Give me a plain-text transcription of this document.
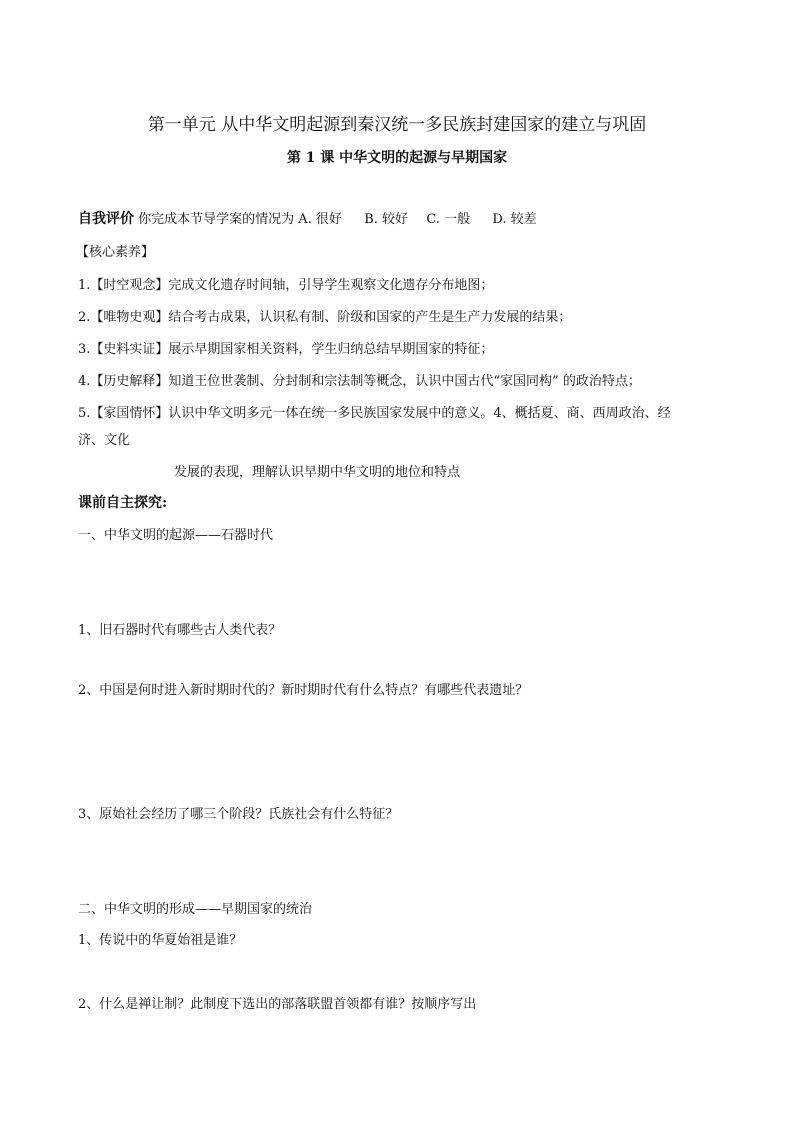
第一单元 从中华文明起源到秦汉统一多民族封建国家的建立与巩固
第 1 课 中华文明的起源与早期国家
自我评价 你完成本节导学案的情况为 A. 很好 B. 较好 C. 一般 D. 较差
【核心素养】
1.【时空观念】完成文化遗存时间轴，引导学生观察文化遗存分布地图；
2.【唯物史观】结合考古成果，认识私有制、阶级和国家的产生是生产力发展的结果；
3.【史料实证】展示早期国家相关资料，学生归纳总结早期国家的特征；
4.【历史解释】知道王位世袭制、分封制和宗法制等概念，认识中国古代“家国同构” 的政治特点；
5.【家国情怀】认识中华文明多元一体在统一多民族国家发展中的意义。4、概括夏、商、西周政治、经
济、文化
发展的表现，理解认识早期中华文明的地位和特点
课前自主探究:
一、中华文明的起源——石器时代
1、旧石器时代有哪些古人类代表？
2、中国是何时进入新时期时代的？新时期时代有什么特点？有哪些代表遗址？
3、原始社会经历了哪三个阶段？氏族社会有什么特征？
二、中华文明的形成——早期国家的统治
1、传说中的华夏始祖是谁？
2、什么是禅让制？此制度下选出的部落联盟首领都有谁？按顺序写出
